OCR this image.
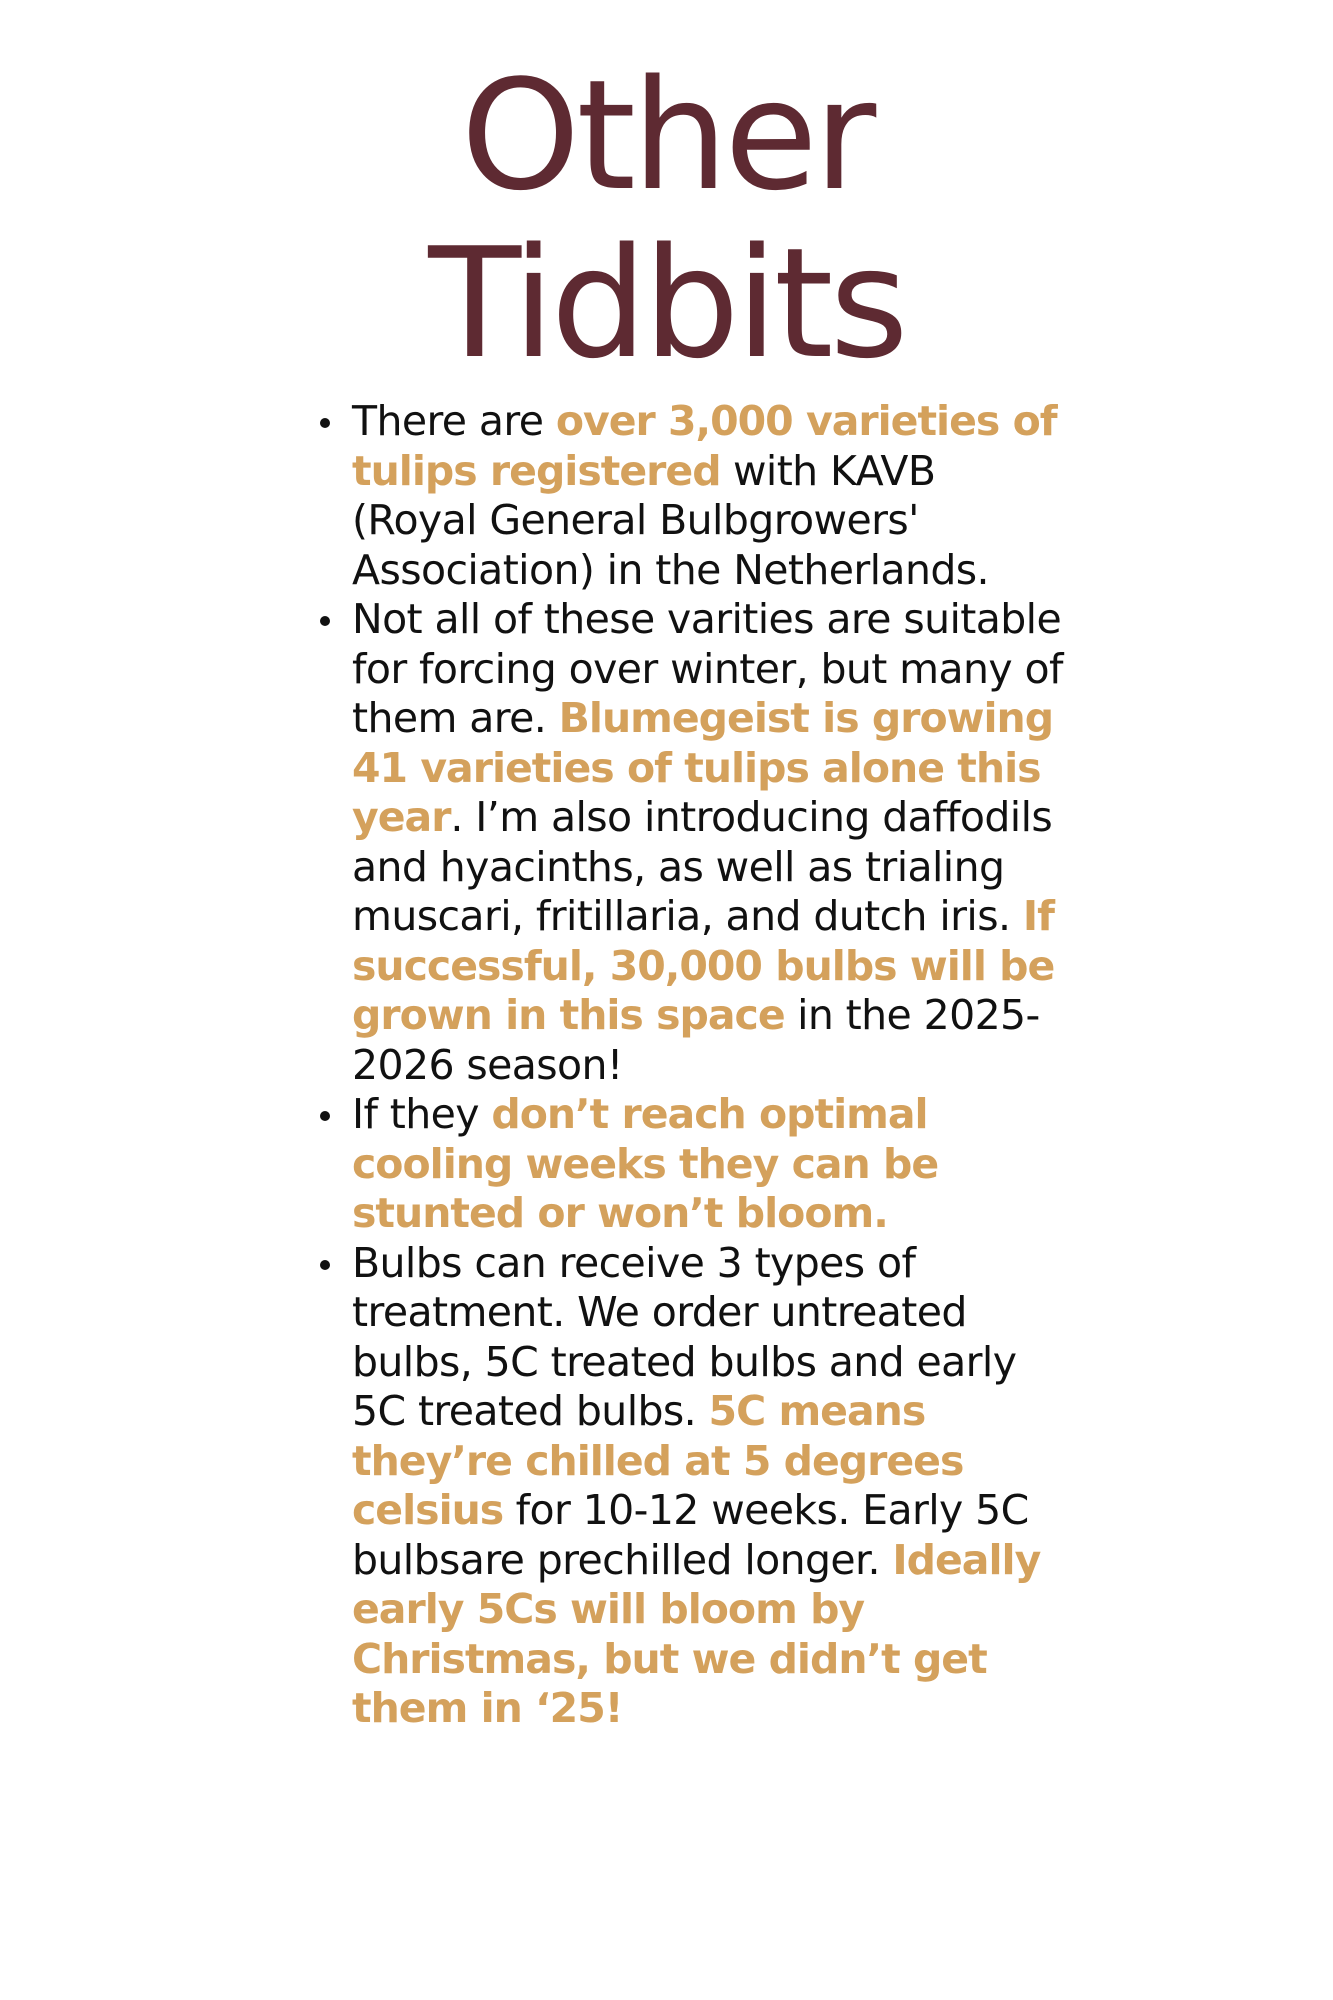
Other
Tidbits
There are over 3,000 varieties of tulips registered with KAVB (Royal General Bulbgrowers' Association) in the Netherlands.
Not all of these varities are suitable for forcing over winter, but many of them are. Blumegeist is growing 41 varieties of tulips alone this year. I’m also introducing daffodils and hyacinths, as well as trialing muscari, fritillaria, and dutch iris. If successful, 30,000 bulbs will be grown in this space in the 2025-2026 season!
If they don’t reach optimal cooling weeks they can be stunted or won’t bloom.
Bulbs can receive 3 types of treatment. We order untreated bulbs, 5C treated bulbs and early 5C treated bulbs. 5C means they’re chilled at 5 degrees celsius for 10-12 weeks. Early 5C bulbsare prechilled longer. Ideally early 5Cs will bloom by Christmas, but we didn’t get them in ‘25!
